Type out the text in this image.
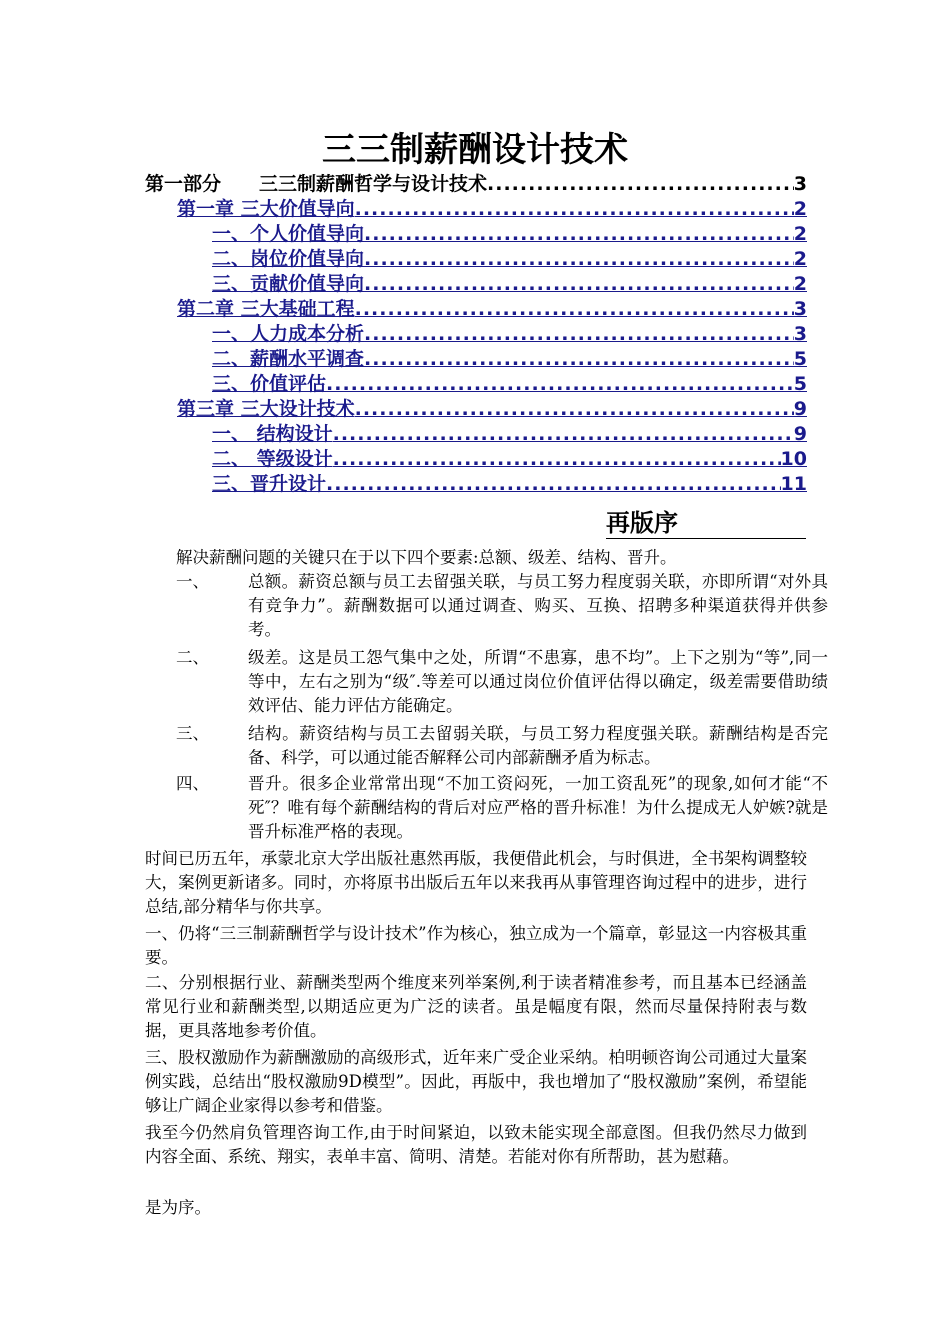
三三制薪酬设计技术
第一部分　　三三制薪酬哲学与设计技术 .....	3
第一章 三大价值导向 .....	2
一、个人价值导向 .....	2
二、岗位价值导向 .....	2
三、贡献价值导向 .....	2
第二章 三大基础工程 .....	3
一、人力成本分析 .....	3
二、薪酬水平调查 .....	5
三、价值评估 .....	5
第三章 三大设计技术 .....	9
一、 结构设计 .....	9
二、 等级设计 .....	10
三、晋升设计 .....	11
再版序
解决薪酬问题的关键只在于以下四个要素:总额、级差、结构、晋升。
一、	总额。薪资总额与员工去留强关联，与员工努力程度弱关联，亦即所谓“对外具有竞争力”。薪酬数据可以通过调查、购买、互换、招聘多种渠道获得并供参考。
二、	级差。这是员工怨气集中之处，所谓“不患寡，患不均”。上下之别为“等”,同一等中，左右之别为“级″.等差可以通过岗位价值评估得以确定，级差需要借助绩效评估、能力评估方能确定。
三、	结构。薪资结构与员工去留弱关联，与员工努力程度强关联。薪酬结构是否完备、科学，可以通过能否解释公司内部薪酬矛盾为标志。
四、	晋升。很多企业常常出现“不加工资闷死，一加工资乱死”的现象,如何才能“不死″？唯有每个薪酬结构的背后对应严格的晋升标准！为什么提成无人妒嫉?就是晋升标准严格的表现。

时间已历五年，承蒙北京大学出版社惠然再版，我便借此机会，与时俱进，全书架构调整较大，案例更新诸多。同时，亦将原书出版后五年以来我再从事管理咨询过程中的进步，进行总结,部分精华与你共享。

一、仍将“三三制薪酬哲学与设计技术”作为核心，独立成为一个篇章，彰显这一内容极其重要。

二、分别根据行业、薪酬类型两个维度来列举案例,利于读者精准参考，而且基本已经涵盖常见行业和薪酬类型,以期适应更为广泛的读者。虽是幅度有限，然而尽量保持附表与数据，更具落地参考价值。

三、股权激励作为薪酬激励的高级形式，近年来广受企业采纳。柏明顿咨询公司通过大量案例实践，总结出“股权激励9D模型”。因此，再版中，我也增加了“股权激励”案例，希望能够让广阔企业家得以参考和借鉴。

我至今仍然肩负管理咨询工作,由于时间紧迫，以致未能实现全部意图。但我仍然尽力做到内容全面、系统、翔实，表单丰富、简明、清楚。若能对你有所帮助，甚为慰藉。

是为序。
